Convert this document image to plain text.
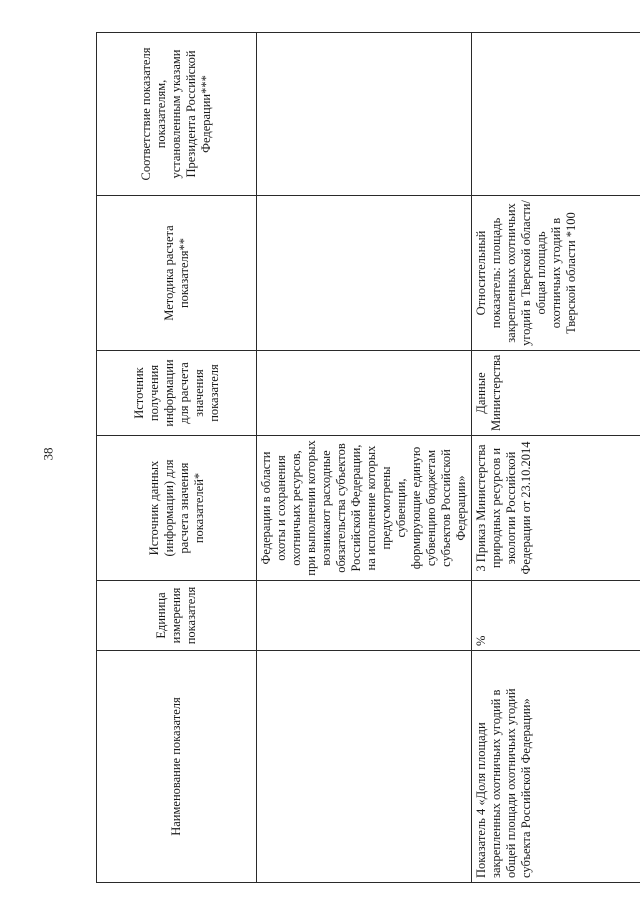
38
Наименование показателя	Единица измерения показателя	Источник данных (информации) для расчета значения показателей*	Источник получения информации для расчета значения показателя	Методика расчета показателя**	Соответствие показателя показателям, установленным указами Президента Российской Федерации***
		Федерации в области охоты и сохранения охотничьих ресурсов, при выполнении которых возникают расходные обязательства субъектов Российской Федерации, на исполнение которых предусмотрены субвенции, формирующие единую субвенцию бюджетам субъектов Российской Федерации»			
Показатель 4 «Доля площади закрепленных охотничьих угодий в общей площади охотничьих угодий субъекта Российской Федерации»	%	3 Приказ Министерства природных ресурсов и экологии Российской Федерации от 23.10.2014	Данные Министерства	Относительный показатель: площадь закрепленных охотничьих угодий в Тверской области/общая площадь охотничьих угодий в Тверской области *100	
